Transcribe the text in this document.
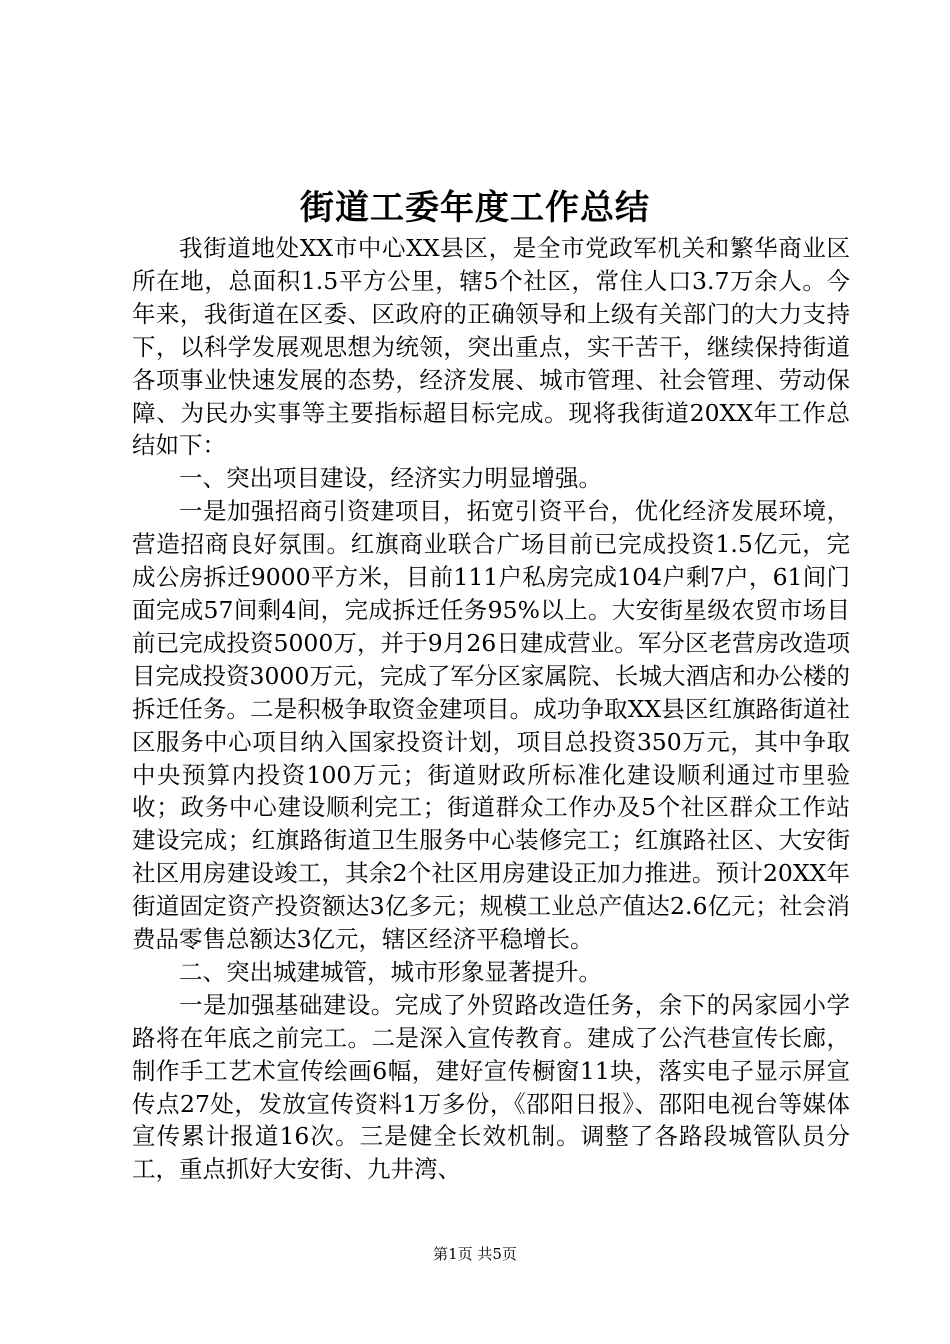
街道工委年度工作总结

我街道地处XX市中心XX县区，是全市党政军机关和繁华商业区所在地，总面积1.5平方公里，辖5个社区，常住人口3.7万余人。今年来，我街道在区委、区政府的正确领导和上级有关部门的大力支持下，以科学发展观思想为统领，突出重点，实干苦干，继续保持街道各项事业快速发展的态势，经济发展、城市管理、社会管理、劳动保障、为民办实事等主要指标超目标完成。现将我街道20XX年工作总结如下：

一、突出项目建设，经济实力明显增强。

一是加强招商引资建项目，拓宽引资平台，优化经济发展环境，营造招商良好氛围。红旗商业联合广场目前已完成投资1.5亿元，完成公房拆迁9000平方米，目前111户私房完成104户剩7户，61间门面完成57间剩4间，完成拆迁任务95%以上。大安街星级农贸市场目前已完成投资5000万，并于9月26日建成营业。军分区老营房改造项目完成投资3000万元，完成了军分区家属院、长城大酒店和办公楼的拆迁任务。二是积极争取资金建项目。成功争取XX县区红旗路街道社区服务中心项目纳入国家投资计划，项目总投资350万元，其中争取中央预算内投资100万元；街道财政所标准化建设顺利通过市里验收；政务中心建设顺利完工；街道群众工作办及5个社区群众工作站建设完成；红旗路街道卫生服务中心装修完工；红旗路社区、大安街社区用房建设竣工，其余2个社区用房建设正加力推进。预计20XX年街道固定资产投资额达3亿多元；规模工业总产值达2.6亿元；社会消费品零售总额达3亿元，辖区经济平稳增长。

二、突出城建城管，城市形象显著提升。

一是加强基础建设。完成了外贸路改造任务，余下的呙家园小学路将在年底之前完工。二是深入宣传教育。建成了公汽巷宣传长廊，制作手工艺术宣传绘画6幅，建好宣传橱窗11块，落实电子显示屏宣传点27处，发放宣传资料1万多份，《邵阳日报》、邵阳电视台等媒体宣传累计报道16次。三是健全长效机制。调整了各路段城管队员分工，重点抓好大安街、九井湾、

第1页 共5页
